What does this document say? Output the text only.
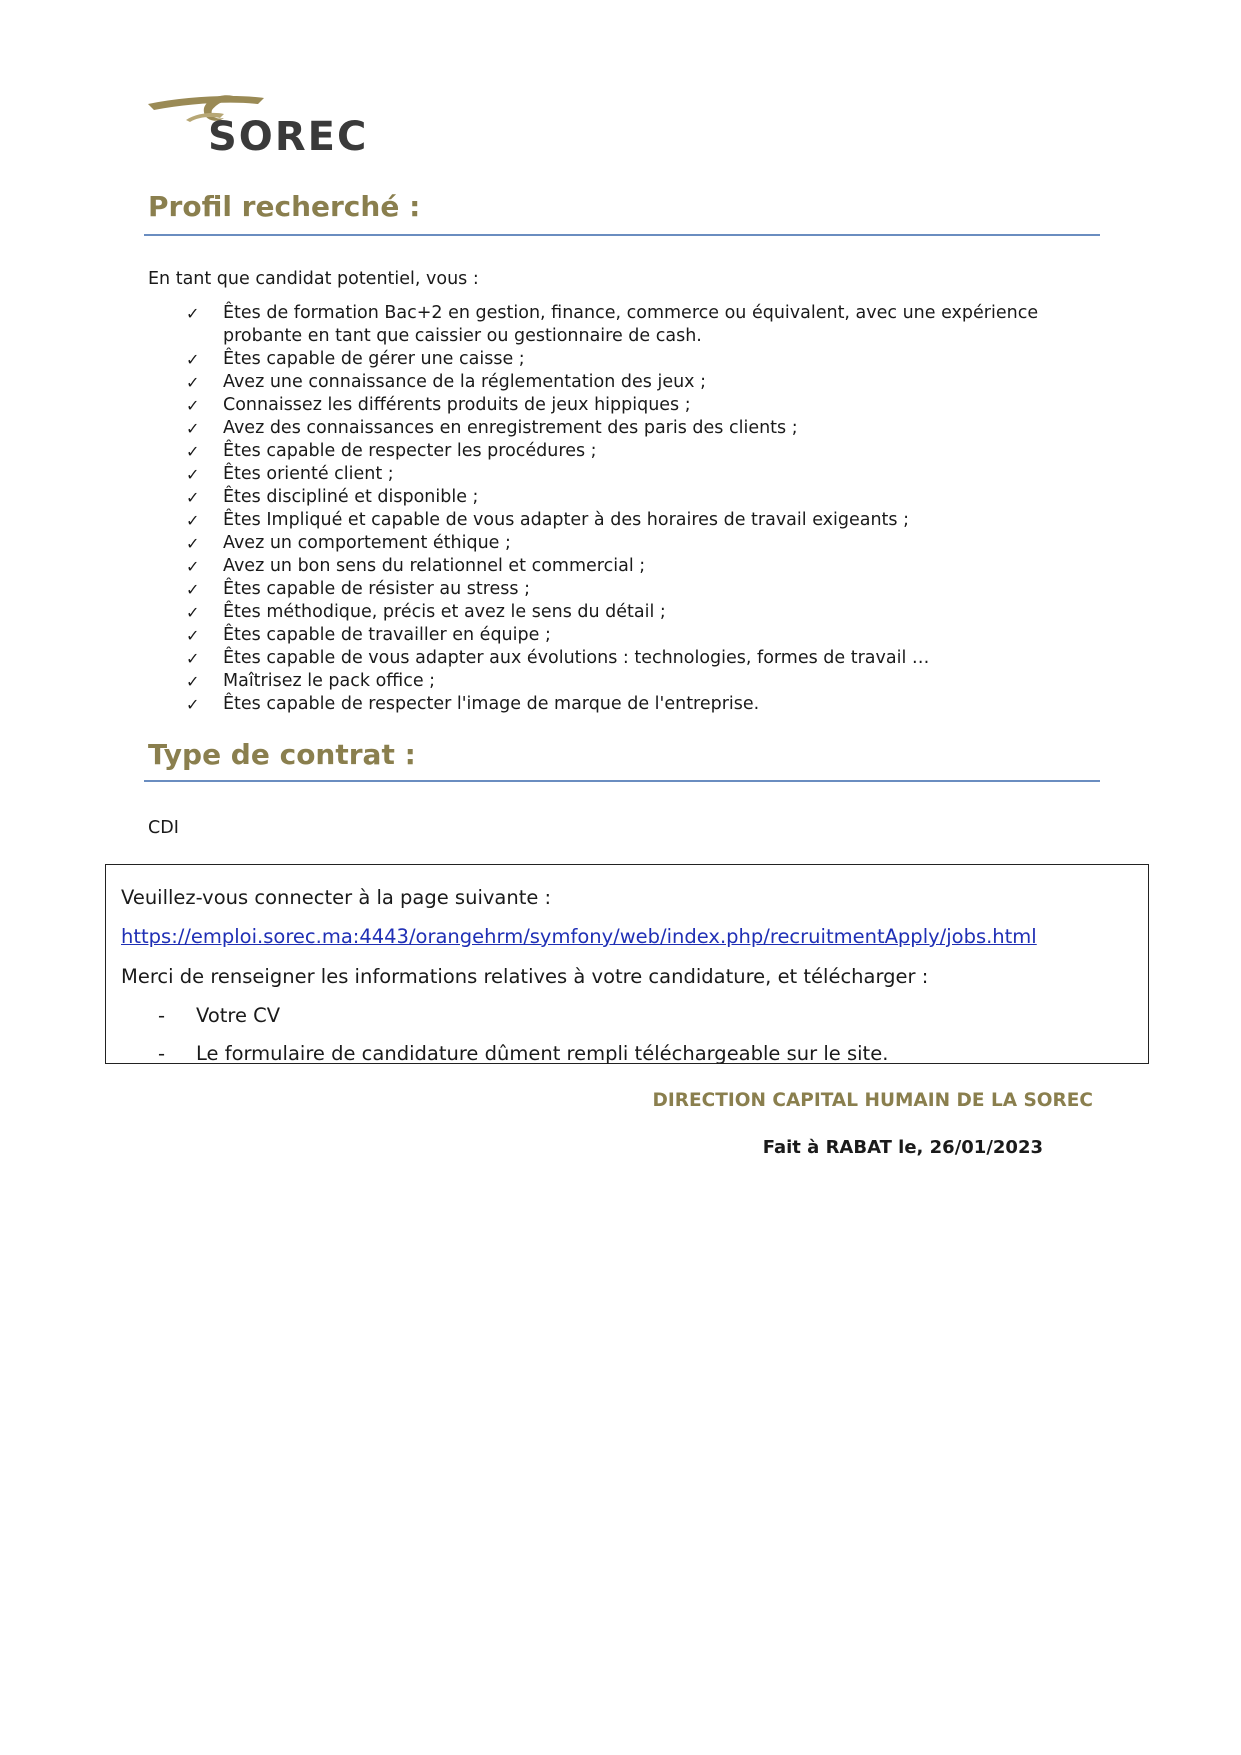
SOREC
Profil recherché :
En tant que candidat potentiel, vous :
✓	Êtes de formation Bac+2 en gestion, finance, commerce ou équivalent, avec une expérience
probante en tant que caissier ou gestionnaire de cash.
✓	Êtes capable de gérer une caisse ;
✓	Avez une connaissance de la réglementation des jeux ;
✓	Connaissez les différents produits de jeux hippiques ;
✓	Avez des connaissances en enregistrement des paris des clients ;
✓	Êtes capable de respecter les procédures ;
✓	Êtes orienté client ;
✓	Êtes discipliné et disponible ;
✓	Êtes Impliqué et capable de vous adapter à des horaires de travail exigeants ;
✓	Avez un comportement éthique ;
✓	Avez un bon sens du relationnel et commercial ;
✓	Êtes capable de résister au stress ;
✓	Êtes méthodique, précis et avez le sens du détail ;
✓	Êtes capable de travailler en équipe ;
✓	Êtes capable de vous adapter aux évolutions : technologies, formes de travail …
✓	Maîtrisez le pack office ;
✓	Êtes capable de respecter l'image de marque de l'entreprise.
Type de contrat :
CDI
Veuillez-vous connecter à la page suivante :
https://emploi.sorec.ma:4443/orangehrm/symfony/web/index.php/recruitmentApply/jobs.html
Merci de renseigner les informations relatives à votre candidature, et télécharger :
- Votre CV
- Le formulaire de candidature dûment rempli téléchargeable sur le site.
DIRECTION CAPITAL HUMAIN DE LA SOREC
Fait à RABAT le, 26/01/2023
